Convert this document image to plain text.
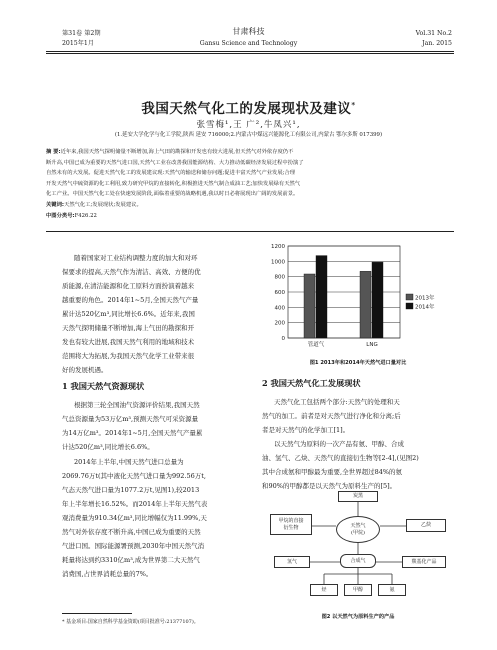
第31卷 第2期
2015年1月
甘肃科技
Gansu Science and Technology
Vol.31 No.2
Jan. 2015
我国天然气化工的发展现状及建议*
张雪梅¹,王 广²,牛凤兴¹,
(1.延安大学化学与化工学院,陕西 延安 716000;2.内蒙古中煤远兴能源化工有限公司,内蒙古 鄂尔多斯 017399)
摘 要:近年来,我国天然气探明储量不断增加,海上气田的勘探和开发也有较大进展,但天然气对外依存度仍不
断升高,中国已成为重要的天然气进口国,天然气工业在改善我国能源结构、大力推动低碳经济发展过程中扮演了
自然未有的大发展。促进天然气化工的发展建议现:天然气的输送和储存问题;促进丰富天然气产业发展;合理
开发天然气中硫资源的化工利用,致力研究甲烷的直接转化,积极推进天然气制合成油工艺;加快发展绿有天然气
化工产业。中国天然气化工处在快速发展阶段,面临着重要的战略机遇,我以时日必将展现出广阔的发展前景。
关键词:天然气化工;发展现状;发展建议。
中图分类号:F426.22
随着国家对工业结构调整力度的加大和对环
保要求的提高,天然气作为清洁、高效、方便的优
质能源,在清洁能源和化工原料方面扮演着越来
越重要的角色。2014年1~5月,全国天然气产量
累计达520亿m³,同比增长6.6%。近年来,我国
天然气探明储量不断增加,海上气田的勘探和开
发也有较大进展,我国天然气利用的地域和技术
范围将大为拓展,为我国天然气化学工业带来很
好的发展机遇。
1 我国天然气资源现状
根据第三轮全国油气资源评价结果,我国天然
气总资源量为53万亿m³,预测天然气可采资源量
为14万亿m³。2014年1~5月,全国天然气产量累
计达520亿m³,同比增长6.6%。
2014年上半年,中国天然气进口总量为
2069.76万t(其中液化天然气进口量为992.56万t,
气态天然气进口量为1077.2万t,见图1),较2013
年上半年增长16.52%。而2014年上半年天然气表
观消费量为910.34亿m³,同比增幅仅为11.99%,天
然气对外依存度不断升高,中国已成为重要的天然
气进口国。国际能源署预测,2030年中国天然气消
耗量将达到约3310亿m³,成为世界第二大天然气
消费国,占世界消耗总量的7%。
* 基金项目:国家自然科学基金资助(项目批准号:21377107)。
0
200
400
600
800
1000
1200
管道气	LNG
2013年
2014年
图1 2013年和2014年天然气进口量对比
2 我国天然气化工发展现状
天然气化工包括两个部分:天然气的处理和天
然气的加工。前者是对天然气进行净化和分离;后
者是对天然气的化学加工[1]。
以天然气为原料的一次产品有氨、甲醇、合成
油、氢气、乙炔、天然气的直接衍生物等[2-4],(见图2)
其中合成氨和甲醇最为重要,全世界超过84%的氨
和90%的甲醇都是以天然气为原料生产的[5]。
炭黑
甲烷的直接
衍生物	天然气
(甲烷)
乙炔
氢气	合成气	羰基化产品
烃	甲醇	氨
图2 以天然气为原料生产的产品
